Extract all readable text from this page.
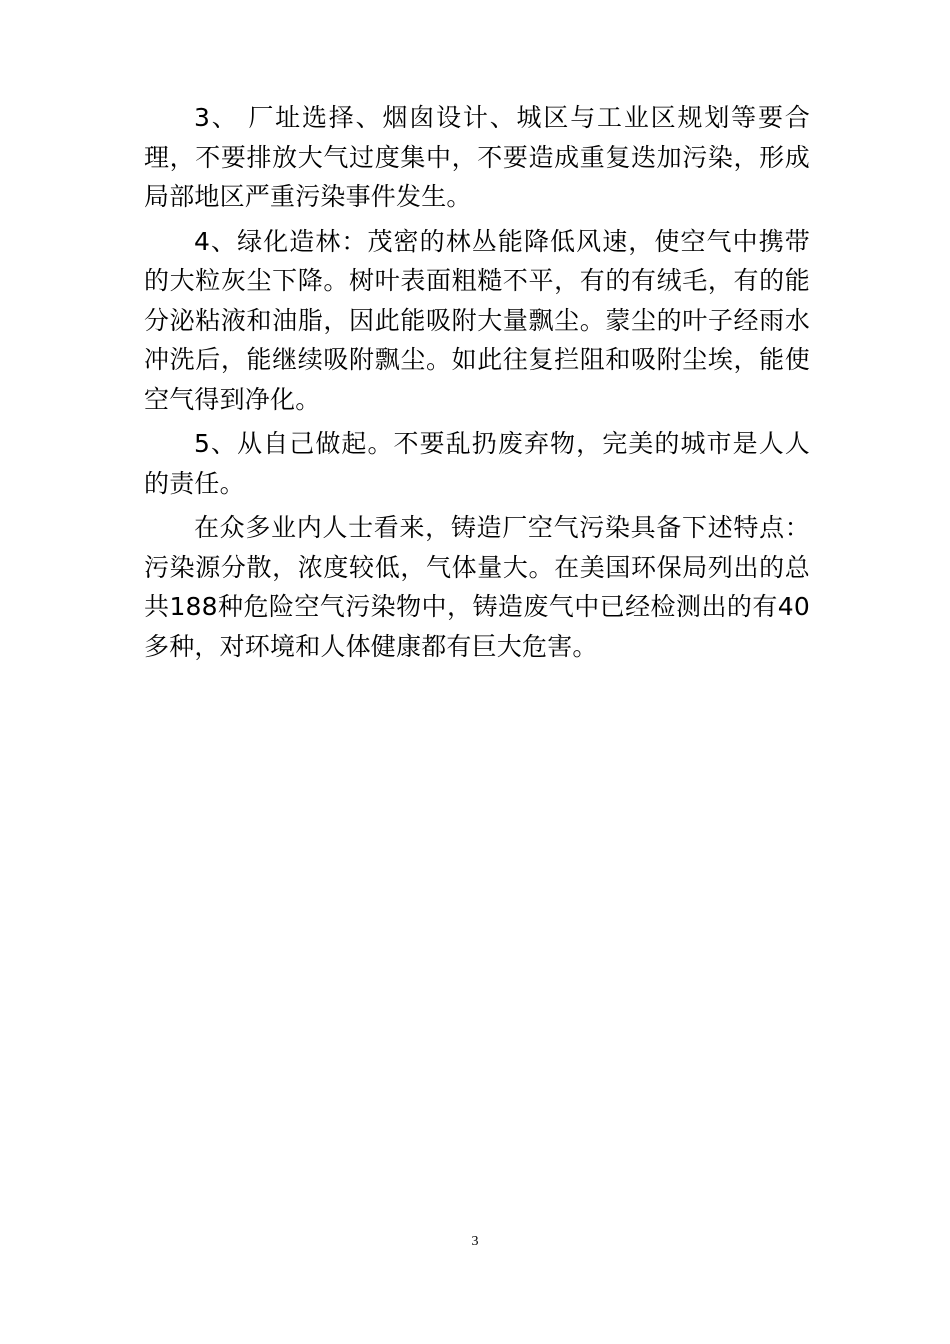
3、 厂址选择、烟囱设计、城区与工业区规划等要合理，不要排放大气过度集中，不要造成重复迭加污染，形成局部地区严重污染事件发生。

4、绿化造林：茂密的林丛能降低风速，使空气中携带的大粒灰尘下降。树叶表面粗糙不平，有的有绒毛，有的能分泌粘液和油脂，因此能吸附大量飘尘。蒙尘的叶子经雨水冲洗后，能继续吸附飘尘。如此往复拦阻和吸附尘埃，能使空气得到净化。

5、从自己做起。不要乱扔废弃物，完美的城市是人人的责任。

在众多业内人士看来，铸造厂空气污染具备下述特点：污染源分散，浓度较低，气体量大。在美国环保局列出的总共188种危险空气污染物中，铸造废气中已经检测出的有40多种，对环境和人体健康都有巨大危害。

3
